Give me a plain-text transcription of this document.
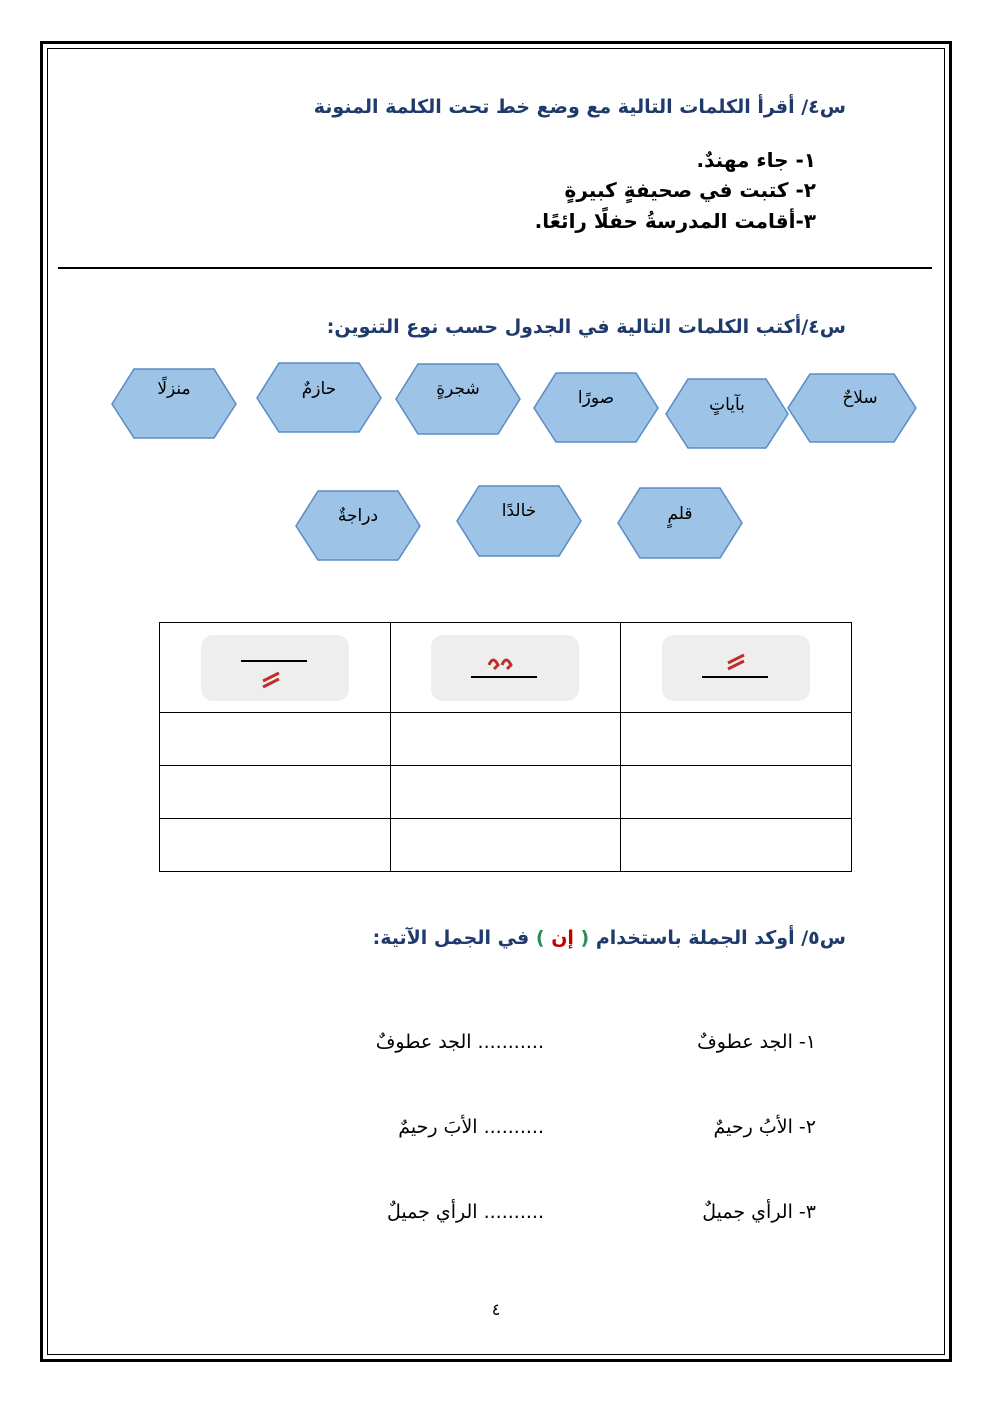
س٤/ أقرأ الكلمات التالية مع وضع خط تحت الكلمة المنونة
١- جاء مهندٌ.
٢- كتبت في صحيفةٍ كبيرةٍ
٣-أقامت المدرسةُ حفلًا رائعًا.
س٤/أكتب الكلمات التالية في الجدول حسب نوع التنوين:
منزلًا	حازمٌ	شجرةٍ	صورًا	بآياتٍ	سلاحٌ
دراجةٌ	خالدًا	قلمٍ

س٥/ أوكد الجملة باستخدام ( إن ) في الجمل الآتية:
١- الجد عطوفٌ
........... الجد عطوفٌ
٢- الأبُ رحيمٌ
.......... الأبَ رحيمٌ
٣- الرأي جميلٌ
.......... الرأي جميلٌ
٤
